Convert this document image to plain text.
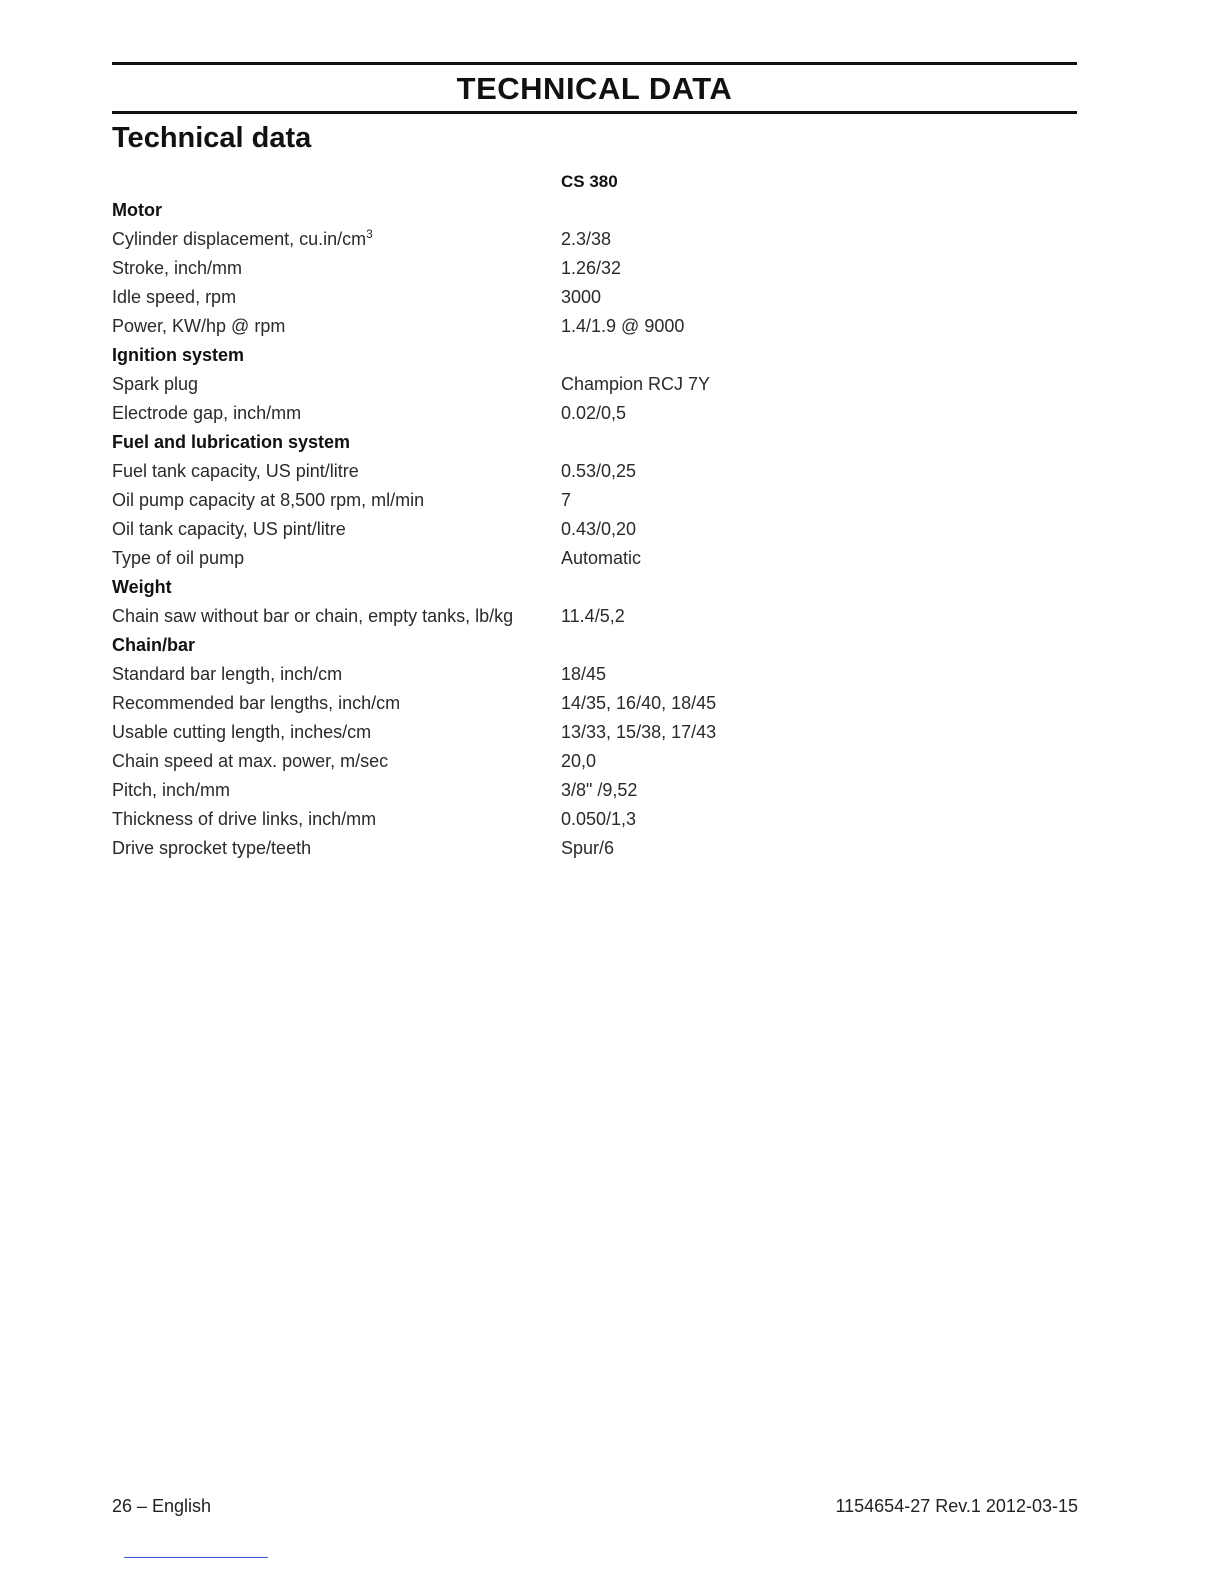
TECHNICAL DATA
Technical data
CS 380
Motor
Cylinder displacement, $cu.in/cm^3$	2.3/38
Stroke, inch/mm	1.26/32
Idle speed, rpm	3000
Power, KW/hp @ rpm	1.4/1.9 @ 9000
Ignition system
Spark plug	Champion RCJ 7Y
Electrode gap, inch/mm	0.02/0,5
Fuel and lubrication system
Fuel tank capacity, US pint/litre	0.53/0,25
Oil pump capacity at 8,500 rpm, ml/min	7
Oil tank capacity, US pint/litre	0.43/0,20
Type of oil pump	Automatic
Weight
Chain saw without bar or chain, empty tanks, lb/kg	11.4/5,2
Chain/bar
Standard bar length, inch/cm	18/45
Recommended bar lengths, inch/cm	14/35, 16/40, 18/45
Usable cutting length, inches/cm	13/33, 15/38, 17/43
Chain speed at max. power, m/sec	20,0
Pitch, inch/mm	3/8" /9,52
Thickness of drive links, inch/mm	0.050/1,3
Drive sprocket type/teeth	Spur/6
26 – English	1154654-27 Rev.1 2012-03-15
